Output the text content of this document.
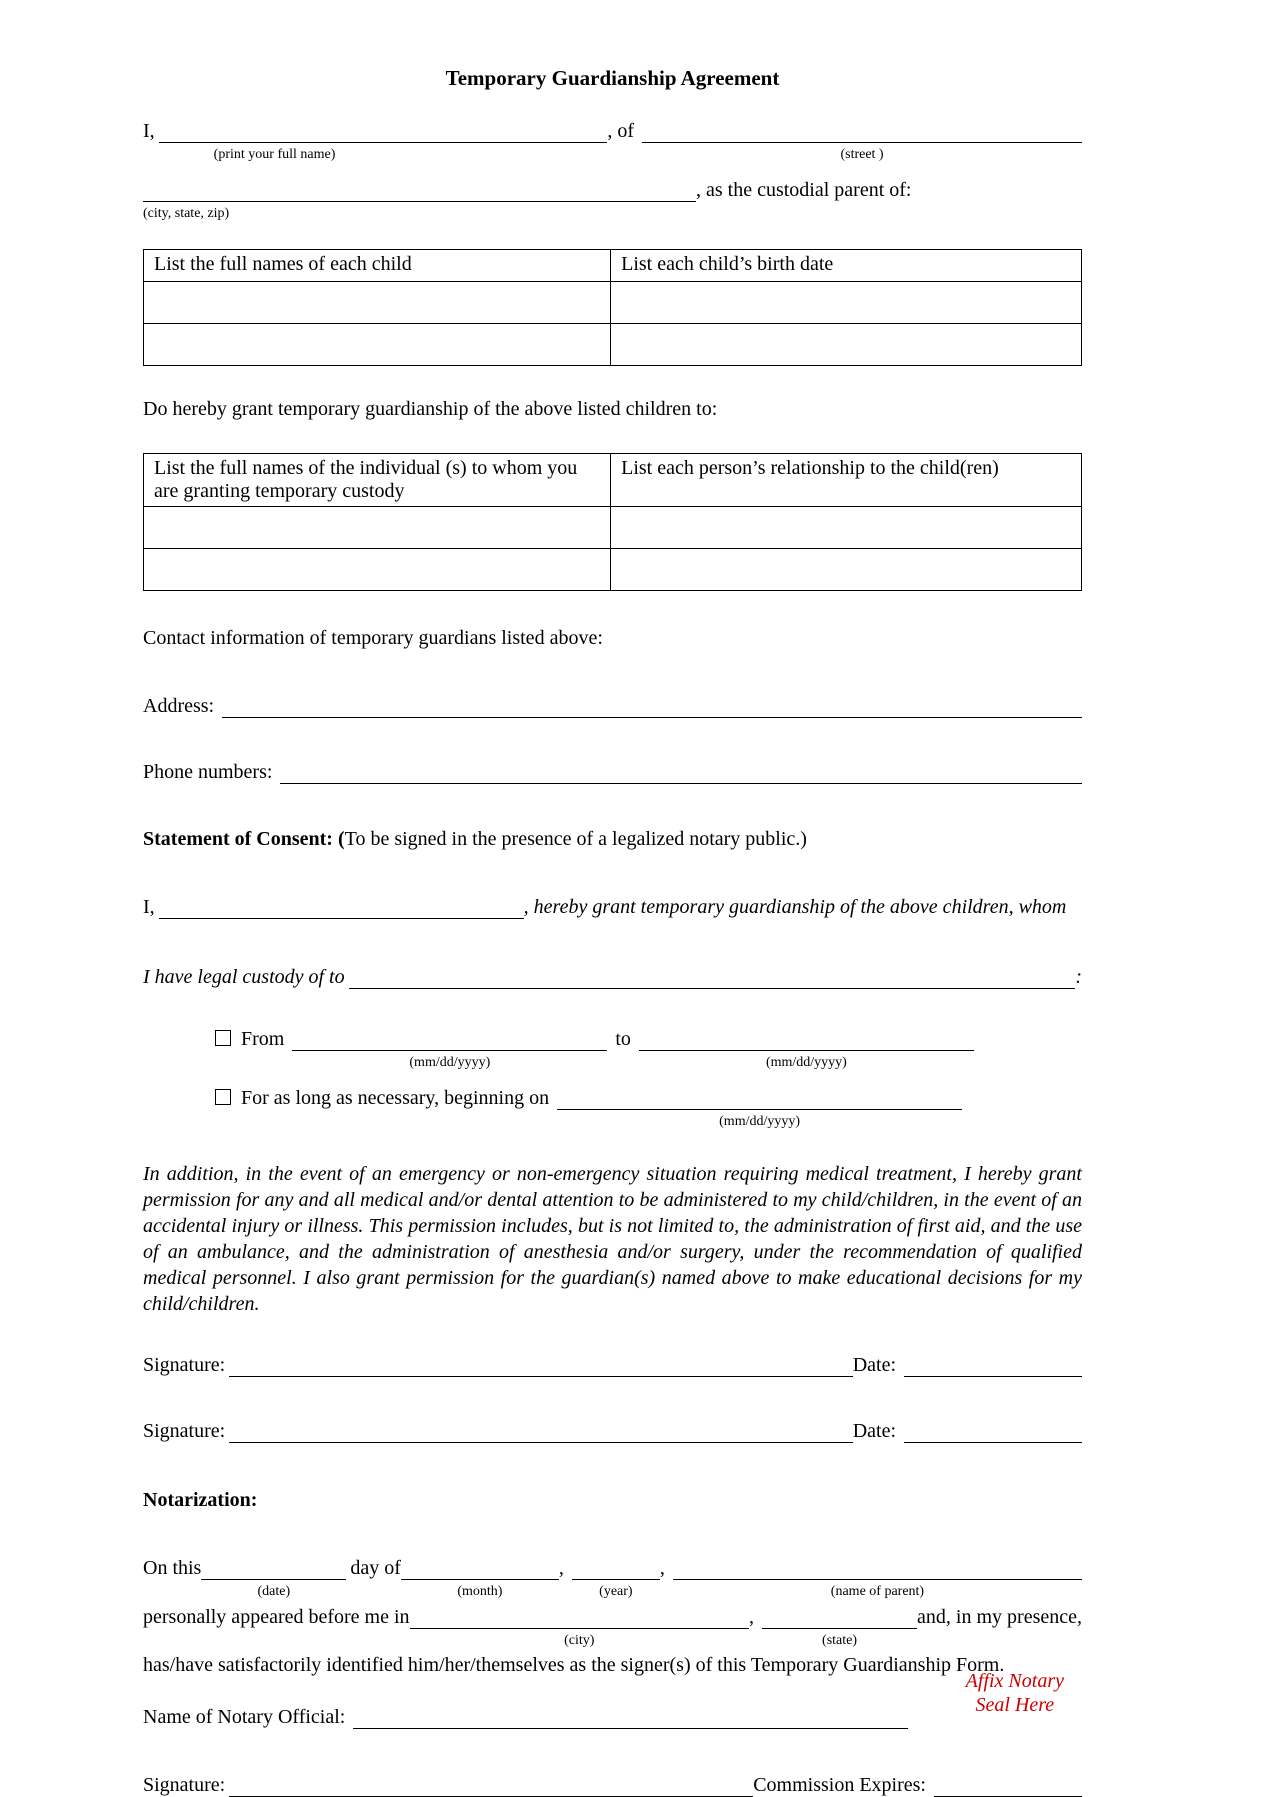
Temporary Guardianship Agreement
I,
(print your full name)
, of
(street )
(city, state, zip)
, as the custodial parent of:
List the full names of each child	List each child’s birth date

Do hereby grant temporary guardianship of the above listed children to:
List the full names of the individual (s) to whom you are granting temporary custody	List each person’s relationship to the child(ren)

Contact information of temporary guardians listed above:
Address:
Phone numbers:
Statement of Consent: (To be signed in the presence of a legalized notary public.)
I,	, hereby grant temporary guardianship of the above children, whom
I have legal custody of to	:
From
(mm/dd/yyyy)
to
(mm/dd/yyyy)
For as long as necessary, beginning on
(mm/dd/yyyy)
In addition, in the event of an emergency or non-emergency situation requiring medical treatment, I hereby grant permission for any and all medical and/or dental attention to be administered to my child/children, in the event of an accidental injury or illness. This permission includes, but is not limited to, the administration of first aid, and the use of an ambulance, and the administration of anesthesia and/or surgery, under the recommendation of qualified medical personnel. I also grant permission for the guardian(s) named above to make educational decisions for my child/children.
Signature:	Date:
Signature:	Date:
Notarization:
On this
(date)
day of
(month)
,
(year)
,
(name of parent)
personally appeared before me in
(city)
,
(state)
and, in my presence,
has/have satisfactorily identified him/her/themselves as the signer(s) of this Temporary Guardianship Form.
Name of Notary Official:
Affix Notary
Seal Here
Signature:	Commission Expires:
